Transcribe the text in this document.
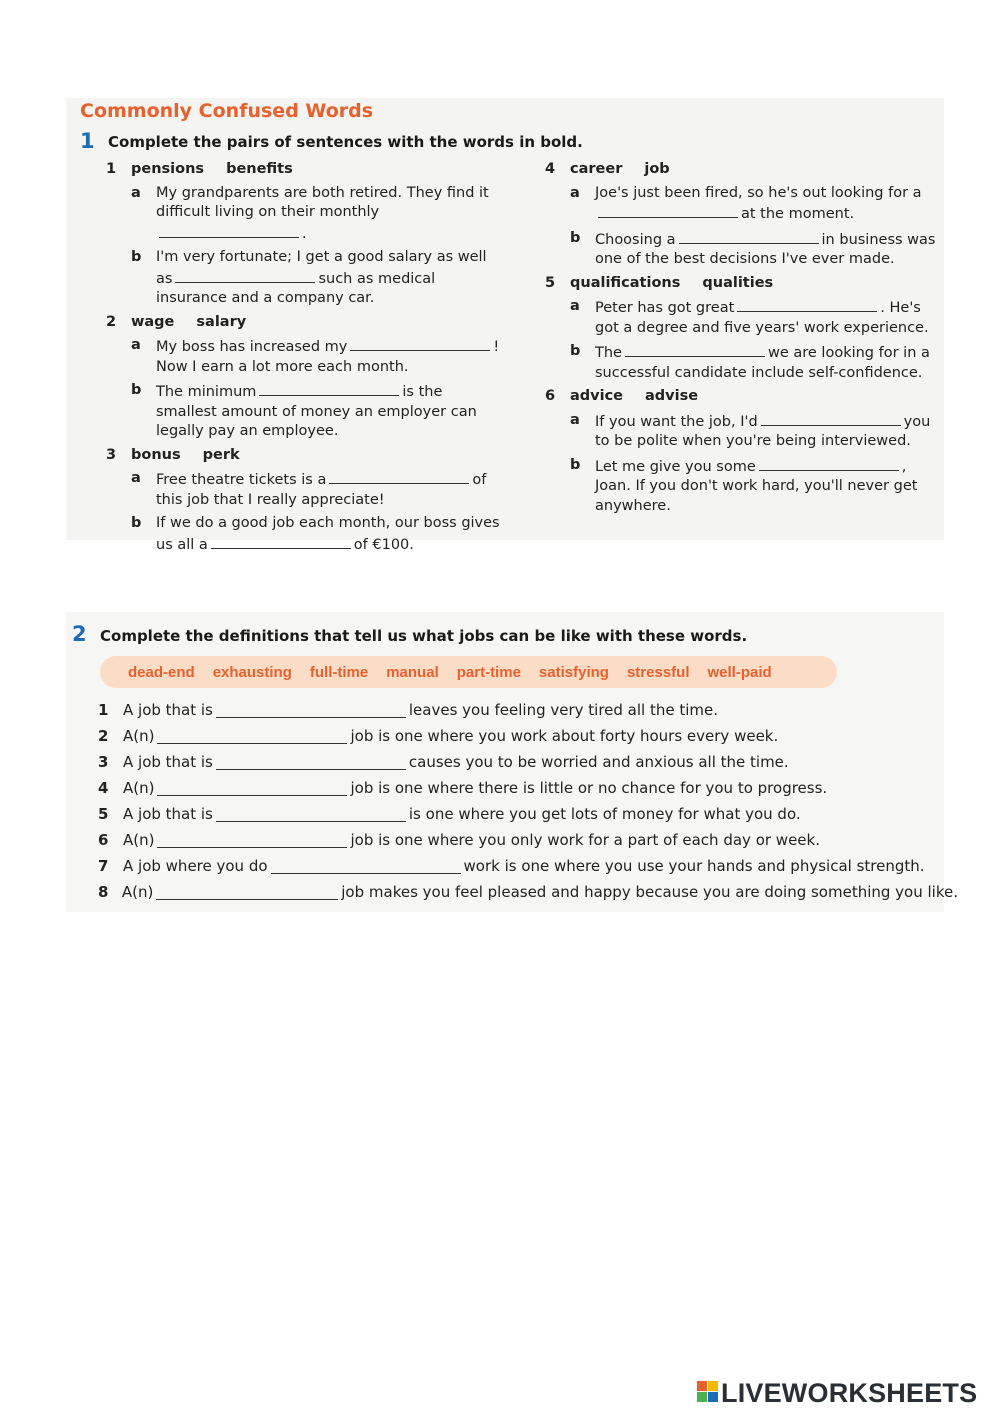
Commonly Confused Words
1 Complete the pairs of sentences with the words in bold.
1	pensions benefits
a	My grandparents are both retired. They find it difficult living on their monthly.
b	I'm very fortunate; I get a good salary as well as	such as medical insurance and a company car.
2	wage salary
a	My boss has increased my	! Now I earn a lot more each month.
b	The minimum	is the smallest amount of money an employer can legally pay an employee.
3	bonus perk
a	Free theatre tickets is a	of this job that I really appreciate!
b	If we do a good job each month, our boss gives us all a	of €100.
4	career job
a	Joe's just been fired, so he's out looking for aat the moment.
b	Choosing a	in business was one of the best decisions I've ever made.
5	qualifications qualities
a	Peter has got great	. He's got a degree and five years' work experience.
b	The	we are looking for in a successful candidate include self-confidence.
6	advice advise
a	If you want the job, I'd	you to be polite when you're being interviewed.
b	Let me give you some	, Joan. If you don't work hard, you'll never get anywhere.
2 Complete the definitions that tell us what jobs can be like with these words.
dead-end exhausting full-time manual part-time satisfying stressful well-paid
1 A job that is	leaves you feeling very tired all the time.
2 A(n)	job is one where you work about forty hours every week.
3 A job that is	causes you to be worried and anxious all the time.
4 A(n)	job is one where there is little or no chance for you to progress.
5 A job that is	is one where you get lots of money for what you do.
6 A(n)	job is one where you only work for a part of each day or week.
7 A job where you do	work is one where you use your hands and physical strength.
8 A(n)	job makes you feel pleased and happy because you are doing something you like.
LIVEWORKSHEETS
